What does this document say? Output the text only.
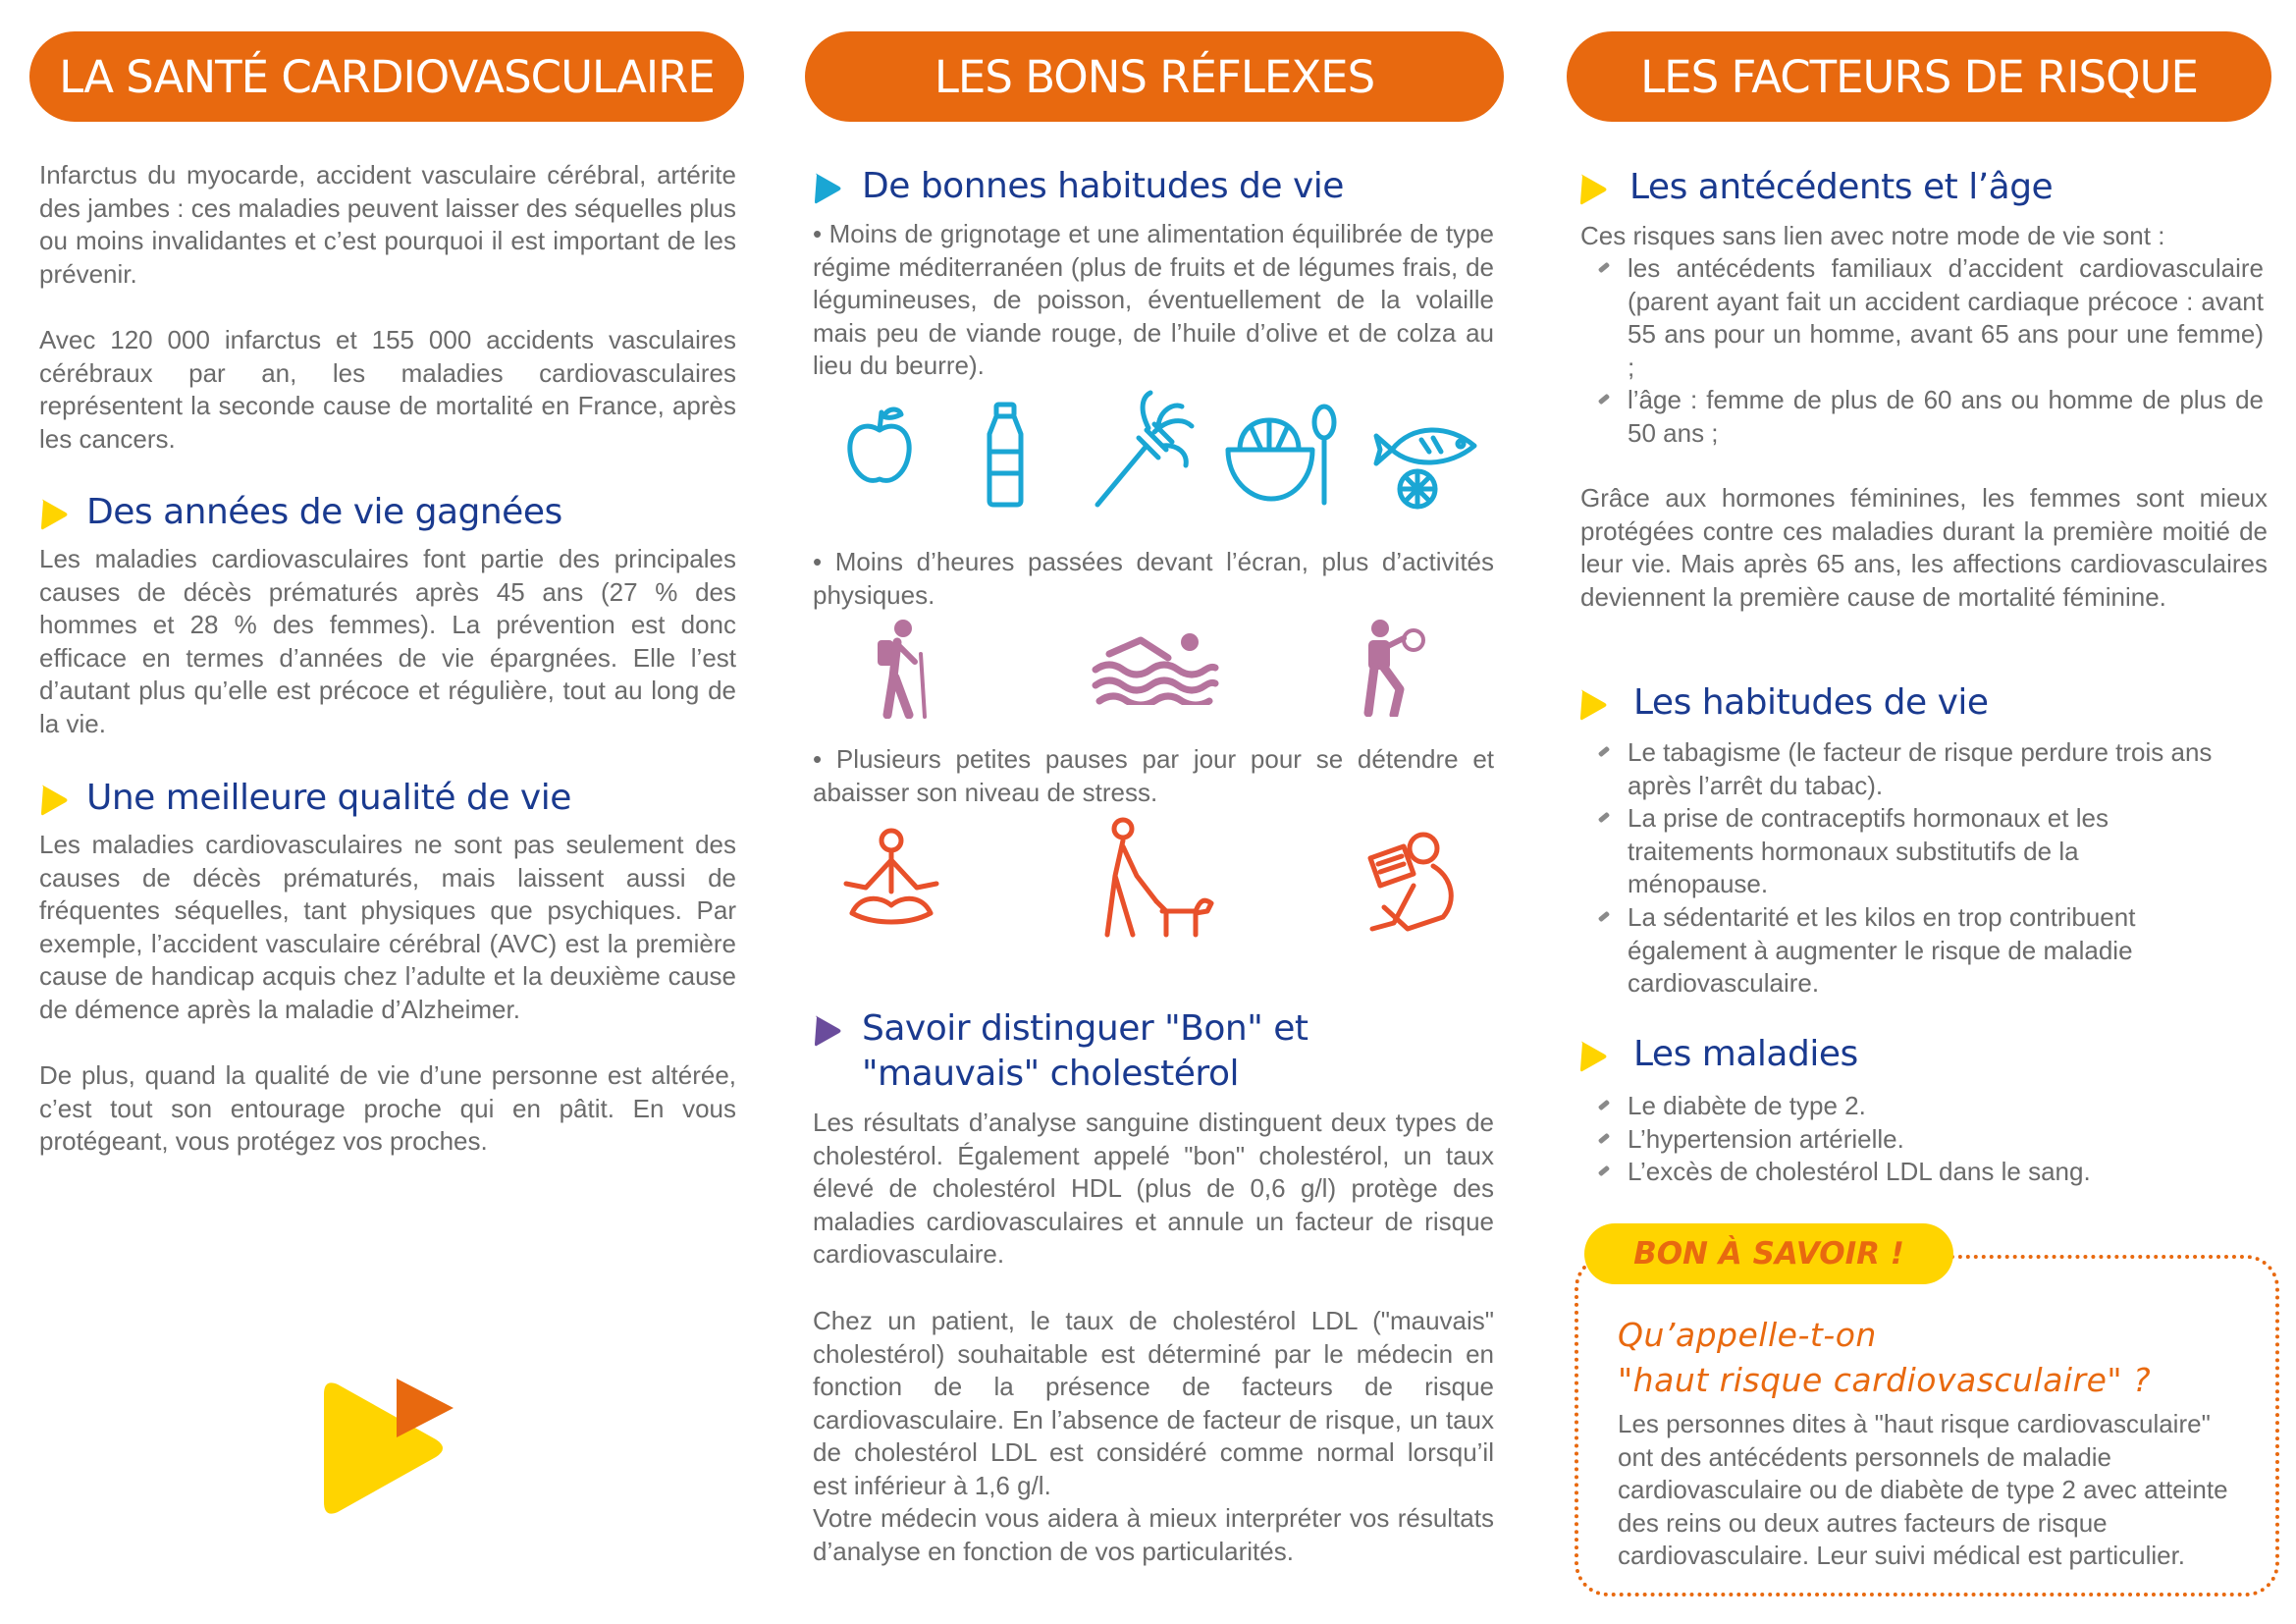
LA SANTÉ CARDIOVASCULAIRE

Infarctus du myocarde, accident vasculaire cérébral, artérite des jambes : ces maladies peuvent laisser des séquelles plus ou moins invalidantes et c’est pourquoi il est important de les prévenir.

Avec 120 000 infarctus et 155 000 accidents vasculaires cérébraux par an, les maladies cardiovasculaires représentent la seconde cause de mortalité en France, après les cancers.

Des années de vie gagnées

Les maladies cardiovasculaires font partie des principales causes de décès prématurés après 45 ans (27 % des hommes et 28 % des femmes). La prévention est donc efficace en termes d’années de vie épargnées. Elle l’est d’autant plus qu’elle est précoce et régulière, tout au long de la vie.

Une meilleure qualité de vie

Les maladies cardiovasculaires ne sont pas seulement des causes de décès prématurés, mais laissent aussi de fréquentes séquelles, tant physiques que psychiques. Par exemple, l’accident vasculaire cérébral (AVC) est la première cause de handicap acquis chez l’adulte et la deuxième cause de démence après la maladie d’Alzheimer.

De plus, quand la qualité de vie d’une personne est altérée, c’est tout son entourage proche qui en pâtit. En vous protégeant, vous protégez vos proches.

LES BONS RÉFLEXES
De bonnes habitudes de vie

• Moins de grignotage et une alimentation équilibrée de type régime méditerranéen (plus de fruits et de légumes frais, de légumineuses, de poisson, éventuellement de la volaille mais peu de viande rouge, de l’huile d’olive et de colza au lieu du beurre).

• Moins d’heures passées devant l’écran, plus d’activités physiques.

• Plusieurs petites pauses par jour pour se détendre et abaisser son niveau de stress.

Savoir distinguer "Bon" et
"mauvais" cholestérol

Les résultats d’analyse sanguine distinguent deux types de cholestérol. Également appelé "bon" cholestérol, un taux élevé de cholestérol HDL (plus de 0,6 g/l) protège des maladies cardiovasculaires et annule un facteur de risque cardiovasculaire.

Chez un patient, le taux de cholestérol LDL ("mauvais" cholestérol) souhaitable est déterminé par le médecin en fonction de la présence de facteurs de risque cardiovasculaire. En l’absence de facteur de risque, un taux de cholestérol LDL est considéré comme normal lorsqu’il est inférieur à 1,6 g/l.

Votre médecin vous aidera à mieux interpréter vos résultats d’analyse en fonction de vos particularités.

LES FACTEURS DE RISQUE
Les antécédents et l’âge

Ces risques sans lien avec notre mode de vie sont :

les antécédents familiaux d’accident cardiovasculaire (parent ayant fait un accident cardiaque précoce : avant 55 ans pour un homme, avant 65 ans pour une femme) ;

l’âge : femme de plus de 60 ans ou homme de plus de 50 ans ;

Grâce aux hormones féminines, les femmes sont mieux protégées contre ces maladies durant la première moitié de leur vie. Mais après 65 ans, les affections cardiovasculaires deviennent la première cause de mortalité féminine.

Les habitudes de vie

Le tabagisme (le facteur de risque perdure trois ans après l’arrêt du tabac).

La prise de contraceptifs hormonaux et les traitements hormonaux substitutifs de la ménopause.

La sédentarité et les kilos en trop contribuent également à augmenter le risque de maladie cardiovasculaire.

Les maladies

Le diabète de type 2.

L’hypertension artérielle.

L’excès de cholestérol LDL dans le sang.

BON À SAVOIR !

Qu’appelle-t-on

"haut risque cardiovasculaire" ?

Les personnes dites à "haut risque cardiovasculaire" ont des antécédents personnels de maladie cardiovasculaire ou de diabète de type 2 avec atteinte des reins ou deux autres facteurs de risque cardiovasculaire. Leur suivi médical est particulier.
